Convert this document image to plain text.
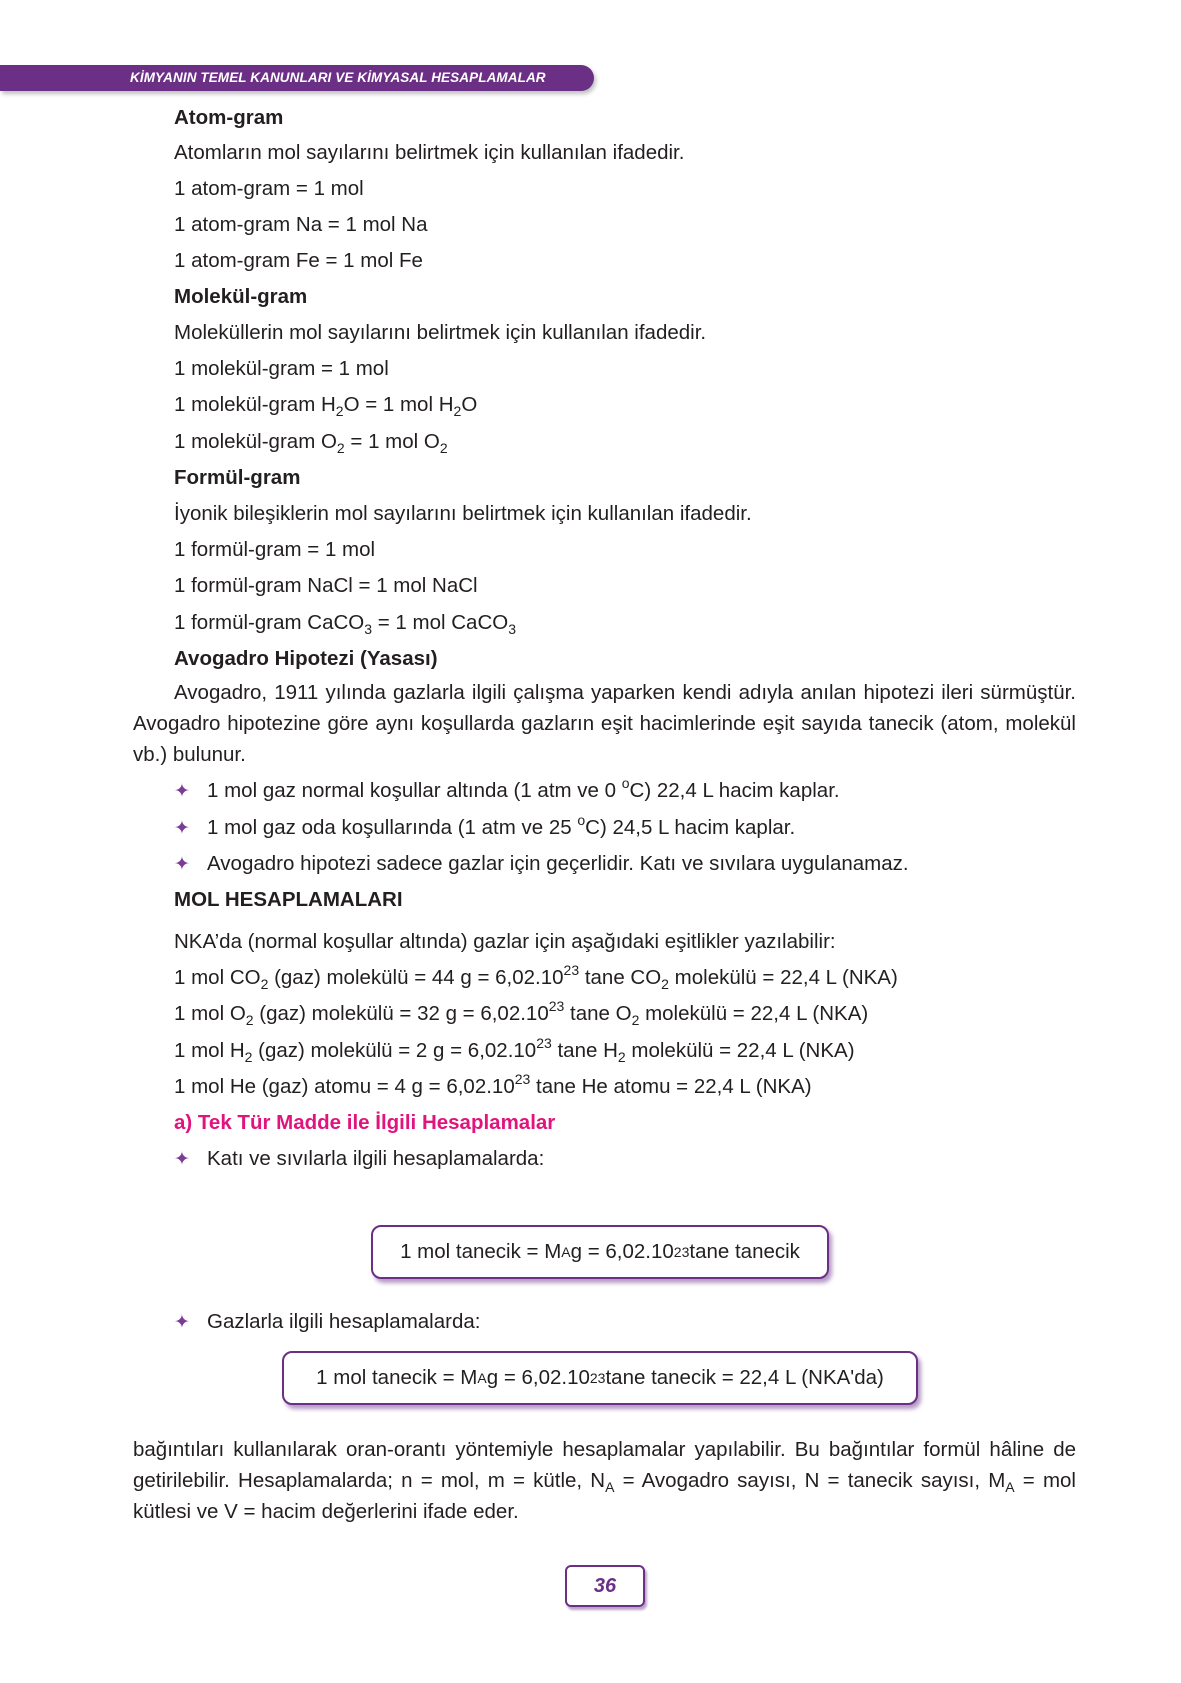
KİMYANIN TEMEL KANUNLARI VE KİMYASAL HESAPLAMALAR
Atom-gram
Atomların mol sayılarını belirtmek için kullanılan ifadedir.
1 atom-gram = 1 mol
1 atom-gram Na = 1 mol Na
1 atom-gram Fe = 1 mol Fe
Molekül-gram
Moleküllerin mol sayılarını belirtmek için kullanılan ifadedir.
1 molekül-gram = 1 mol
1 molekül-gram $H_2O = 1$ mol $H_2O$
1 molekül-gram $O_2 = 1$ mol $O_2$
Formül-gram
İyonik bileşiklerin mol sayılarını belirtmek için kullanılan ifadedir.
1 formül-gram = 1 mol
1 formül-gram NaCl = 1 mol NaCl
1 formül-gram CaCO$_3$ = 1 mol CaCO$_3$
Avogadro Hipotezi (Yasası)
Avogadro, 1911 yılında gazlarla ilgili çalışma yaparken kendi adıyla anılan hipotezi ileri sürmüştür. Avogadro hipotezine göre aynı koşullarda gazların eşit hacimlerinde eşit sayıda tanecik (atom, molekül vb.) bulunur.
✦ 1 mol gaz normal koşullar altında (1 atm ve 0 $^o$C) 22,4 L hacim kaplar.
✦ 1 mol gaz oda koşullarında (1 atm ve 25 $^o$C) 24,5 L hacim kaplar.
✦ Avogadro hipotezi sadece gazlar için geçerlidir. Katı ve sıvılara uygulanamaz.
MOL HESAPLAMALARI
NKA’da (normal koşullar altında) gazlar için aşağıdaki eşitlikler yazılabilir:
1 mol $CO_2$ (gaz) molekülü = 44 $g = 6,02.10^{23}$ tane $CO_2$ molekülü = 22,4 L (NKA)
1 mol $O_2$ (gaz) molekülü = 32 $g = 6,02.10^{23}$ tane $O_2$ molekülü = 22,4 L (NKA)
1 mol $H_2$ (gaz) molekülü = 2 $g = 6,02.10^{23}$ tane $H_2$ molekülü = 22,4 L (NKA)
1 mol He (gaz) atomu = 4 $g = 6,02.10^{23}$ tane He atomu = 22,4 L (NKA)
a) Tek Tür Madde ile İlgili Hesaplamalar
✦ Katı ve sıvılarla ilgili hesaplamalarda:
1 mol tanecik = M A g = 6,02.10 23 tane tanecik
✦ Gazlarla ilgili hesaplamalarda:
1 mol tanecik = M A g = 6,02.10 23 tane tanecik = 22,4 L (NKA'da)
bağıntıları kullanılarak oran-orantı yöntemiyle hesaplamalar yapılabilir. Bu bağıntılar formül hâline de getirilebilir. Hesaplamalarda; n = mol, m = kütle, $N_A$ = Avogadro sayısı, N = tanecik sayısı, $M_A$ = mol kütlesi ve V = hacim değerlerini ifade eder.
36
